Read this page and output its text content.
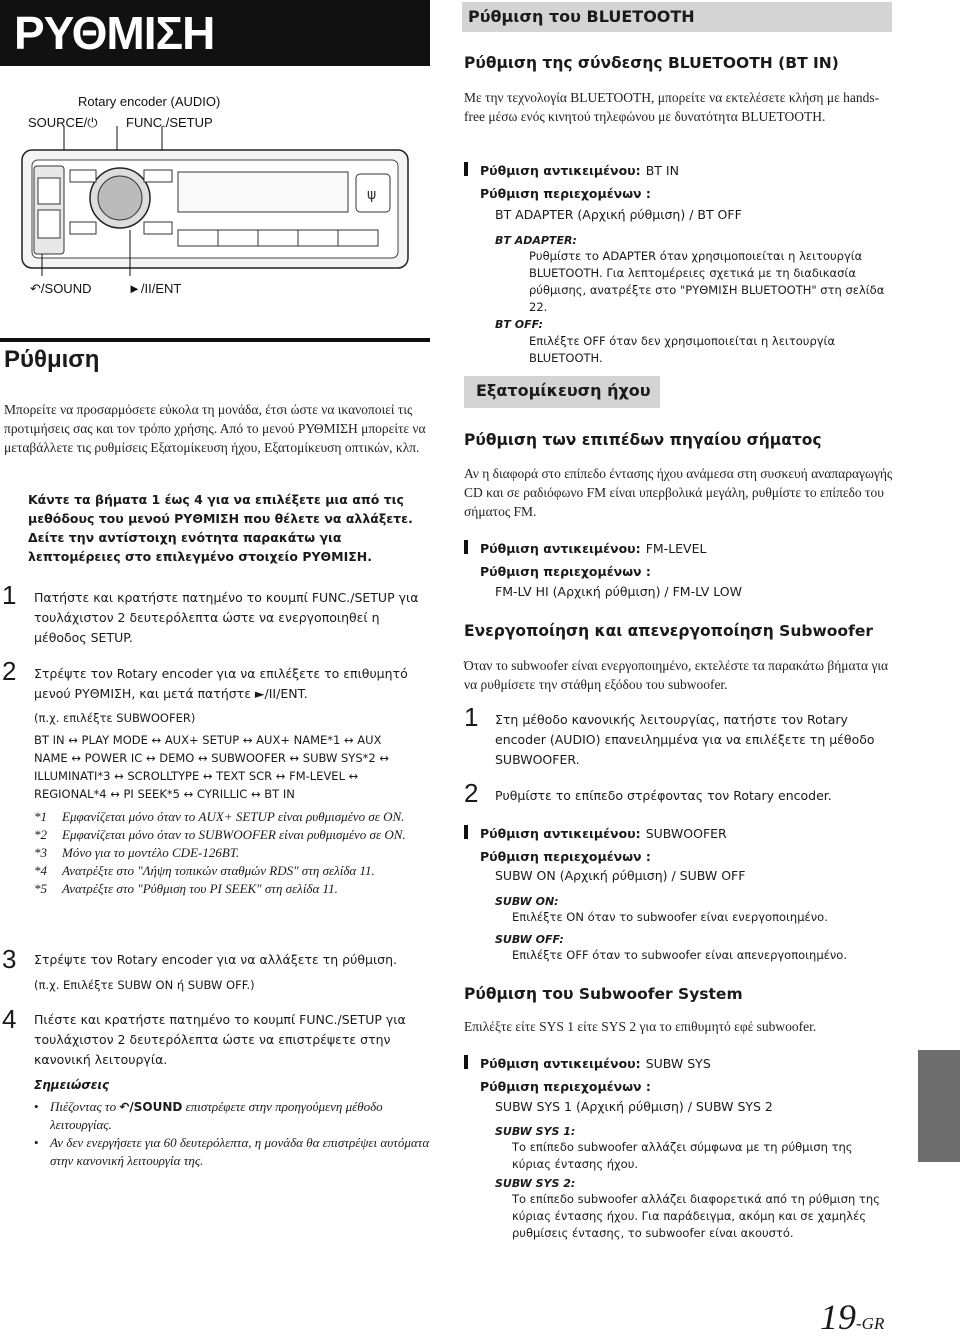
ΡΥΘΜΙΣΗ
Rotary encoder (AUDIO)
SOURCE/⏻ FUNC./SETUP
ψ
↶/SOUND	►/II/ENT
Ρύθμιση
Μπορείτε να προσαρμόσετε εύκολα τη μονάδα, έτσι ώστε να ικανοποιεί τις προτιμήσεις σας και τον τρόπο χρήσης. Από το μενού ΡΥΘΜΙΣΗ μπορείτε να μεταβάλλετε τις ρυθμίσεις Εξατομίκευση ήχου, Εξατομίκευση οπτικών, κλπ.
Κάντε τα βήματα 1 έως 4 για να επιλέξετε μια από τις μεθόδους του μενού ΡΥΘΜΙΣΗ που θέλετε να αλλάξετε. Δείτε την αντίστοιχη ενότητα παρακάτω για λεπτομέρειες στο επιλεγμένο στοιχείο ΡΥΘΜΙΣΗ.
1 Πατήστε και κρατήστε πατημένο το κουμπί FUNC./SETUP για τουλάχιστον 2 δευτερόλεπτα ώστε να ενεργοποιηθεί η μέθοδος SETUP.
2 Στρέψτε τον Rotary encoder για να επιλέξετε το επιθυμητό μενού ΡΥΘΜΙΣΗ, και μετά πατήστε ►/II/ENT.
(π.χ. επιλέξτε SUBWOOFER)
BT IN ↔ PLAY MODE ↔ AUX+ SETUP ↔ AUX+ NAME*1 ↔ AUX
NAME ↔ POWER IC ↔ DEMO ↔ SUBWOOFER ↔ SUBW SYS*2 ↔
ILLUMINATI*3 ↔ SCROLLTYPE ↔ TEXT SCR ↔ FM-LEVEL ↔
REGIONAL*4 ↔ PI SEEK*5 ↔ CYRILLIC ↔ BT IN
*1	Εμφανίζεται μόνο όταν το AUX+ SETUP είναι ρυθμισμένο σε ON.
*2	Εμφανίζεται μόνο όταν το SUBWOOFER είναι ρυθμισμένο σε ON.
*3	Μόνο για το μοντέλο CDE-126BT.
*4	Ανατρέξτε στο "Λήψη τοπικών σταθμών RDS" στη σελίδα 11.
*5	Ανατρέξτε στο "Ρύθμιση του PI SEEK" στη σελίδα 11.
3 Στρέψτε τον Rotary encoder για να αλλάξετε τη ρύθμιση.
(π.χ. Επιλέξτε SUBW ON ή SUBW OFF.)
4 Πιέστε και κρατήστε πατημένο το κουμπί FUNC./SETUP για τουλάχιστον 2 δευτερόλεπτα ώστε να επιστρέψετε στην κανονική λειτουργία.
Σημειώσεις
• Πιέζοντας το ↶/SOUND επιστρέφετε στην προηγούμενη μέθοδο λειτουργίας.
• Αν δεν ενεργήσετε για 60 δευτερόλεπτα, η μονάδα θα επιστρέψει αυτόματα στην κανονική λειτουργία της.
Ρύθμιση του BLUETOOTH
Ρύθμιση της σύνδεσης BLUETOOTH (BT IN)
Με την τεχνολογία BLUETOOTH, μπορείτε να εκτελέσετε κλήση με hands-free μέσω ενός κινητού τηλεφώνου με δυνατότητα BLUETOOTH.
Ρύθμιση αντικειμένου: BT IN
Ρύθμιση περιεχομένων :
BT ADAPTER (Αρχική ρύθμιση) / BT OFF
BT ADAPTER:
Ρυθμίστε το ADAPTER όταν χρησιμοποιείται η λειτουργία BLUETOOTH. Για λεπτομέρειες σχετικά με τη διαδικασία ρύθμισης, ανατρέξτε στο "ΡΥΘΜΙΣΗ BLUETOOTH" στη σελίδα 22.
BT OFF:
Επιλέξτε OFF όταν δεν χρησιμοποιείται η λειτουργία BLUETOOTH.
Εξατομίκευση ήχου
Ρύθμιση των επιπέδων πηγαίου σήματος
Αν η διαφορά στο επίπεδο έντασης ήχου ανάμεσα στη συσκευή αναπαραγωγής CD και σε ραδιόφωνο FM είναι υπερβολικά μεγάλη, ρυθμίστε το επίπεδο του σήματος FM.
Ρύθμιση αντικειμένου: FM-LEVEL
Ρύθμιση περιεχομένων :
FM-LV HI (Αρχική ρύθμιση) / FM-LV LOW
Ενεργοποίηση και απενεργοποίηση Subwoofer
Όταν το subwoofer είναι ενεργοποιημένο, εκτελέστε τα παρακάτω βήματα για να ρυθμίσετε την στάθμη εξόδου του subwoofer.
1 Στη μέθοδο κανονικής λειτουργίας, πατήστε τον Rotary encoder (AUDIO) επανειλημμένα για να επιλέξετε τη μέθοδο SUBWOOFER.
2 Ρυθμίστε το επίπεδο στρέφοντας τον Rotary encoder.
Ρύθμιση αντικειμένου: SUBWOOFER
Ρύθμιση περιεχομένων :
SUBW ON (Αρχική ρύθμιση) / SUBW OFF
SUBW ON:
Επιλέξτε ON όταν το subwoofer είναι ενεργοποιημένο.
SUBW OFF:
Επιλέξτε OFF όταν το subwoofer είναι απενεργοποιημένο.
Ρύθμιση του Subwoofer System
Επιλέξτε είτε SYS 1 είτε SYS 2 για το επιθυμητό εφέ subwoofer.
Ρύθμιση αντικειμένου: SUBW SYS
Ρύθμιση περιεχομένων :
SUBW SYS 1 (Αρχική ρύθμιση) / SUBW SYS 2
SUBW SYS 1:
Το επίπεδο subwoofer αλλάζει σύμφωνα με τη ρύθμιση της κύριας έντασης ήχου.
SUBW SYS 2:
Το επίπεδο subwoofer αλλάζει διαφορετικά από τη ρύθμιση της κύριας έντασης ήχου. Για παράδειγμα, ακόμη και σε χαμηλές ρυθμίσεις έντασης, το subwoofer είναι ακουστό.
19-GR
